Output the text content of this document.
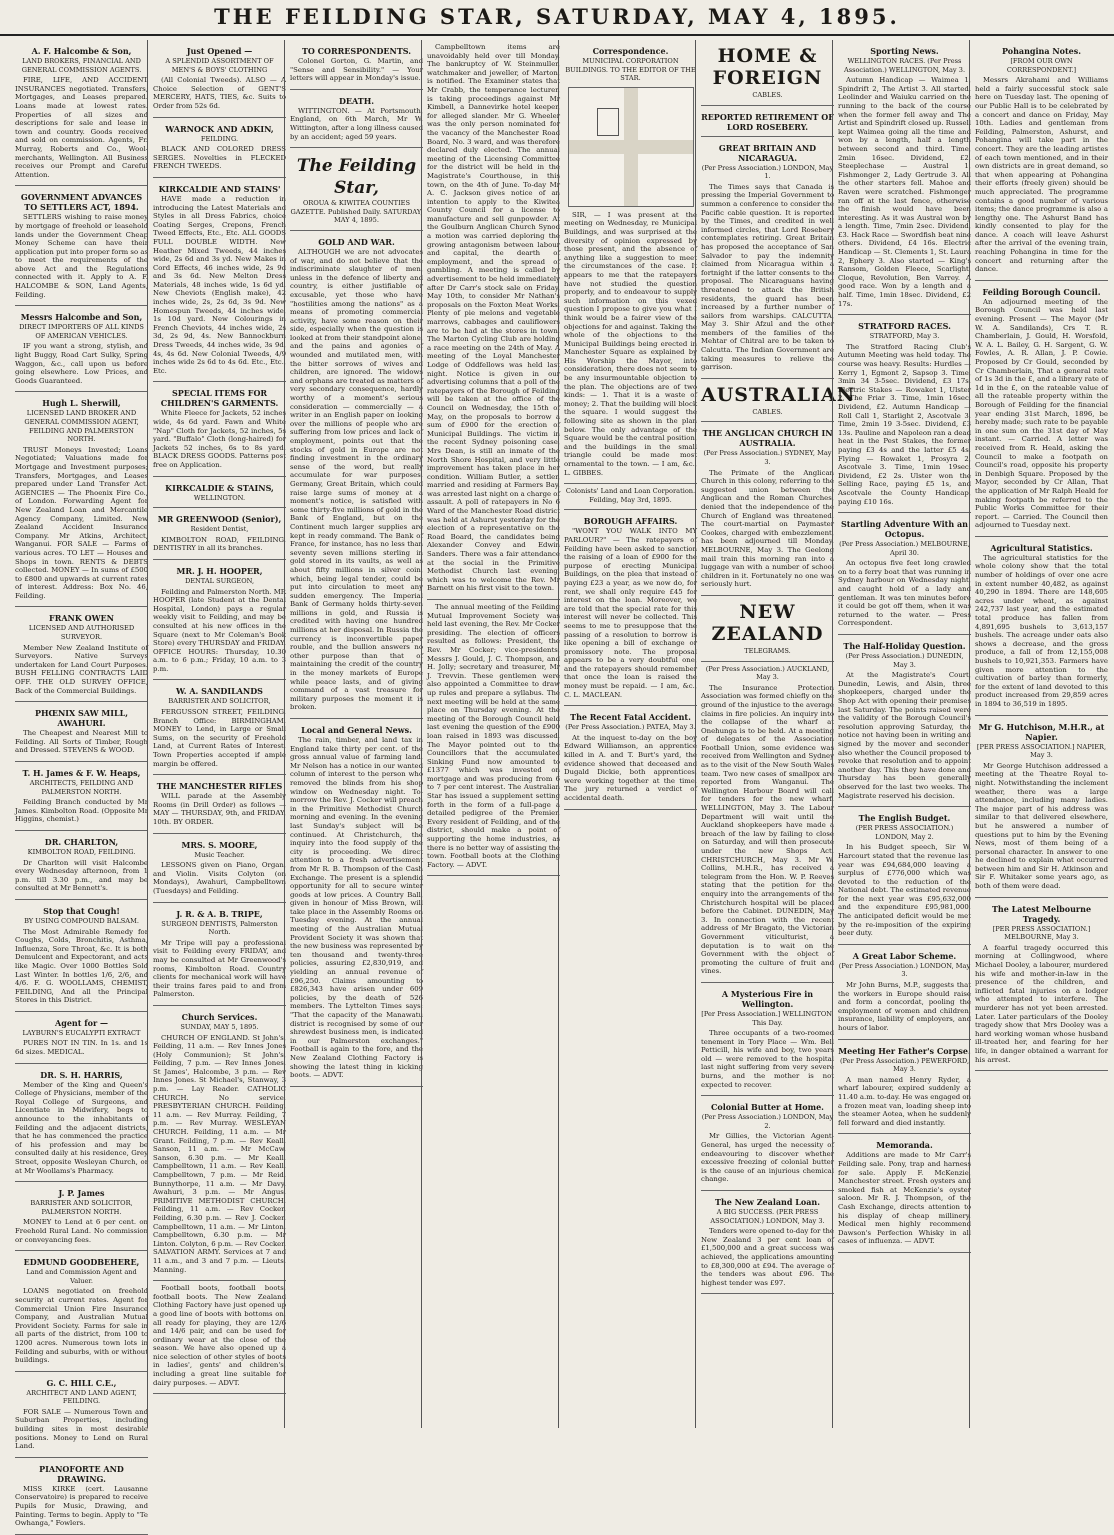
THE FEILDING STAR, SATURDAY, MAY 4, 1895.
A. F. Halcombe & Son,
LAND BROKERS, FINANCIAL AND GENERAL COMMISSION AGENTS.

FIRE, LIFE, AND ACCIDENT INSURANCES negotiated. Transfers, Mortgages, and Leases prepared. Loans made at lowest rates. Properties of all sizes and descriptions for sale and lease in town and country. Goods received and sold on commission. Agents, Fr. Murray, Roberts and Co., Wool-merchants, Wellington. All Business receives our Prompt and Careful Attention.

GOVERNMENT ADVANCES TO SETTLERS ACT, 1894.

SETTLERS wishing to raise money by mortgage of freehold or leasehold lands under the Government Cheap Money Scheme can have their application put into proper form so as to meet the requirements of the above Act and the Regulations connected with it. Apply to A. F. HALCOMBE & SON, Land Agents, Feilding.

Messrs Halcombe and Son,
DIRECT IMPORTERS OF ALL KINDS OF AMERICAN VEHICLES.

IF you want a strong, stylish, and light Buggy, Road Cart Sulky, Spring Waggon, &c., call upon us before going elsewhere. Low Prices, and Goods Guaranteed.

Hugh L. Sherwill,
LICENSED LAND BROKER AND GENERAL COMMISSION AGENT, FEILDING AND PALMERSTON NORTH.

TRUST Moneys Invested; Loans Negotiated; Valuations made for Mortgage and Investment purposes; Transfers, Mortgages, and Leases prepared under Land Transfer Act. AGENCIES — The Phoenix Fire Co., of London. Forwarding Agent for New Zealand Loan and Mercantile Agency Company, Limited. New Zealand Accident Insurance Company. Mr Atkins, Architect, Wanganui. FOR SALE — Farms of various acres. TO LET — Houses and Shops in town. RENTS & DEBTS collected. MONEY — In sums of £500 to £800 and upwards at current rates of interest. Address: Box No. 46, Feilding.

FRANK OWEN
LICENSED AND AUTHORISED SURVEYOR.

Member New Zealand Institute of Surveyors. Native Surveys undertaken for Land Court Purposes. BUSH FELLING CONTRACTS LAID OFF. THE OLD SURVEY OFFICE, Back of the Commercial Buildings.

PHŒNIX SAW MILL, AWAHURI.

The Cheapest and Nearest Mill to Feilding. All Sorts of Timber, Rough and Dressed. STEVENS & WOOD.

T. H. James & F. W. Heaps,
ARCHITECTS, FEILDING AND PALMERSTON NORTH.

Feilding Branch conducted by Mr James. Kimbolton Road. (Opposite Mr Higgins, chemist.)

DR. CHARLTON,
KIMBOLTON ROAD, FEILDING.

Dr Charlton will visit Halcombe every Wednesday afternoon, from 1 p.m. till 3.30 p.m., and may be consulted at Mr Bennett's.

Stop that Cough!
BY USING COMPOUND BALSAM.

The Most Admirable Remedy for Coughs, Colds, Bronchitis, Asthma, Influenza, Sore Throat, &c. It is both Demulcent and Expectorant, and acts like Magic. Over 1000 Bottles Sold Last Winter. In bottles 1/6, 2/6, and 4/6. F. G. WOOLLAMS, CHEMIST, FEILDING, And all the Principal Stores in this District.

Agent for —
LAYBURN'S EUCALYPTI EXTRACT

PURES NOT IN TIN. In 1s. and 1s 6d sizes. MEDICAL.

DR. S. H. HARRIS,

Member of the King and Queen's College of Physicians, member of the Royal College of Surgeons, and Licentiate in Midwifery, begs to announce to the inhabitants of Feilding and the adjacent districts, that he has commenced the practice of his profession and may be consulted daily at his residence, Grey Street, opposite Wesleyan Church, or at Mr Woollams's Pharmacy.

J. P. James
BARRISTER AND SOLICITOR, PALMERSTON NORTH.

MONEY to Lend at 6 per cent. on Freehold Rural Land. No commission or conveyancing fees.

EDMUND GOODBEHERE,
Land and Commission Agent and Valuer.

LOANS negotiated on freehold security at current rates. Agent for Commercial Union Fire Insurance Company, and Australian Mutual Provident Society. Farms for sale in all parts of the district, from 100 to 1200 acres. Numerous town lots in Feilding and suburbs, with or without buildings.

G. C. HILL C.E.,
ARCHITECT AND LAND AGENT, FEILDING.

FOR SALE — Numerous Town and Suburban Properties, including building sites in most desirable positions. Money to Lend on Rural Land.

PIANOFORTE AND DRAWING.

MISS KIRKE (cert. Lausanne Conservatoire) is prepared to receive Pupils for Music, Drawing, and Painting. Terms to begin. Apply to "Te Owhanga," Fowlers.

Just Opened —
A SPLENDID ASSORTMENT OF MEN'S & BOYS' CLOTHING

(All Colonial Tweeds). ALSO — A Choice Selection of GENT'S MERCERY, HATS, TIES, &c. Suits to Order from 52s 6d.

WARNOCK AND ADKIN,
FEILDING.

BLACK AND COLORED DRESS SERGES. Novelties in FLECKED FRENCH TWEEDS.

KIRKCALDIE AND STAINS'

HAVE made a reduction in introducing the Latest Materials and Styles in all Dress Fabrics, choice Coating Serges, Crepons, French Tweed Effects, Etc., Etc. ALL GOODS FULL DOUBLE WIDTH. New Heather Mixed Tweeds, 44 inches wide, 2s 6d and 3s yd. New Makes in Cord Effects, 46 inches wide, 2s 9d and 3s 6d. New Melton Dress Materials, 48 inches wide, 1s 6d yd. New Cheviots (English make), 42 inches wide, 2s, 2s 6d, 3s 9d. New Homespun Tweeds, 44 inches wide, 1s 10d yard. New Colourings in French Cheviots, 44 inches wide, 2s 3d, 2s 9d, 4s. New Bannockburn Dress Tweeds, 44 inches wide, 3s 9d, 4s, 4s 6d. New Colonial Tweeds, 4/9 inches wide 2s 6d to 4s 6d. Etc., Etc., Etc.

SPECIAL ITEMS FOR CHILDREN'S GARMENTS.

White Fleece for Jackets, 52 inches wide, 4s 6d yard. Fawn and White "Nap" Cloth for Jackets, 52 inches, 5s yard. "Buffalo" Cloth (long-haired) for Jackets 52 inches, 6s to 8s yard. BLACK DRESS GOODS. Patterns post free on Application.

KIRKCALDIE & STAINS,
WELLINGTON.
MR GREENWOOD (Senior),
Resident Dentist,

KIMBOLTON ROAD, FEILDING. DENTISTRY in all its branches.

MR. J. H. HOOPER,
DENTAL SURGEON,

Feilding and Palmerston North. MR HOOPER (late Student at the Dental Hospital, London) pays a regular weekly visit to Feilding, and may be consulted at his new offices in the Square (next to Mr Coleman's Book Store) every THURSDAY and FRIDAY. OFFICE HOURS: Thursday, 10.30 a.m. to 6 p.m.; Friday, 10 a.m. to 3 p.m.

W. A. SANDILANDS
BARRISTER AND SOLICITOR,

FERGUSSON STREET, FEILDING. Branch Office: BIRMINGHAM. MONEY to Lend, in Large or Small Sums, on the security of Freehold Land, at Current Rates of Interest. Town Properties accepted if ample margin be offered.

THE MANCHESTER RIFLES

WILL parade at the Assembly Rooms (in Drill Order) as follows — MAY — THURSDAY, 9th, and FRIDAY, 10th. BY ORDER.

MRS. S. MOORE,
Music Teacher.

LESSONS given on Piano, Organ, and Violin. Visits Colyton (on Mondays), Awahuri, Campbelltown (Tuesdays) and Feilding.

J. R. & A. B. TRIPE,
SURGEON DENTISTS, Palmerston North.

Mr Tripe will pay a professional visit to Feilding every FRIDAY, and may be consulted at Mr Greenwood's rooms, Kimbolton Road. Country clients for mechanical work will have their trains fares paid to and from Palmerston.

Church Services.
SUNDAY, MAY 5, 1895.

CHURCH OF ENGLAND. St John's, Feilding, 11 a.m. — Rev Innes Jones (Holy Communion); St John's, Feilding, 7 p.m. — Rev Innes Jones. St James', Halcombe, 3 p.m. — Rev Innes Jones. St Michael's, Stanway, 3 p.m. — Lay Reader. CATHOLIC CHURCH. No service. PRESBYTERIAN CHURCH. Feilding, 11 a.m. — Rev Murray. Feilding, 7 p.m. — Rev Murray. WESLEYAN CHURCH. Feilding, 11 a.m. — Mr Grant. Feilding, 7 p.m. — Rev Keall. Sanson, 11 a.m. — Mr McCaw. Sanson, 6.30 p.m. — Mr Keall. Campbelltown, 11 a.m. — Rev Keall. Campbelltown, 7 p.m. — Mr Reid. Bunnythorpe, 11 a.m. — Mr Davy. Awahuri, 3 p.m. — Mr Angus. PRIMITIVE METHODIST CHURCH. Feilding, 11 a.m. — Rev Cocker. Feilding, 6.30 p.m. — Rev J. Cocker. Campbelltown, 11 a.m. — Mr Linton. Campbelltown, 6.30 p.m. — Mr Linton. Colyton, 6 p.m. — Rev Cocker. SALVATION ARMY. Services at 7 and 11 a.m., and 3 and 7 p.m. — Lieuts. Manning.

Football boots, football boots, football boots. The New Zealand Clothing Factory have just opened up a good line of boots with bottoms on, all ready for playing, they are 12/6 and 14/6 pair, and can be used for ordinary wear at the close of the season. We have also opened up a nice selection of other styles of boots in ladies', gents' and children's, including a great line suitable for dairy purposes. — ADVT.

TO CORRESPONDENTS.

Colonel Gorton, G. Martin, and "Sense and Sensibility." — Your letters will appear in Monday's issue.

DEATH.

WITTINGTON. — At Portsmouth, England, on 6th March, Mr W. Wittington, after a long illness caused by an accident; aged 59 years.

The Feilding Star,
OROUA & KIWITEA COUNTIES GAZETTE. Published Daily. SATURDAY, MAY 4, 1895.
GOLD AND WAR.

ALTHOUGH we are not advocates of war, and do not believe that the indiscriminate slaughter of men, unless in the defence of liberty and country, is either justifiable or excusable, yet those who have "hostilities among the nations" as a means of promoting commercial activity, have some reason on their side, especially when the question is looked at from their standpoint alone, and the pains and agonies of wounded and mutilated men, with the bitter sorrows of wives and children, are ignored. The widows and orphans are treated as matters of very secondary consequence, hardly worthy of a moment's serious consideration — commercially — a writer in an English paper on looking over the millions of people who are suffering from low prices and lack of employment, points out that the stocks of gold in Europe are not finding investment in the ordinary sense of the word, but really accumulate for war purposes. Germany, Great Britain, which could raise large sums of money at a moment's notice, is satisfied with some thirty-five millions of gold in the Bank of England, but on the Continent much larger supplies are kept in ready command. The Bank of France, for instance, has no less than seventy seven millions sterling in gold stored in its vaults, as well as about fifty millions in silver coin, which, being legal tender, could be put into circulation to meet any sudden emergency. The Imperial Bank of Germany holds thirty-seven millions in gold, and Russia is credited with having one hundred millions at her disposal. In Russia the currency is inconvertible paper rouble, and the bullion answers no other purpose than that of maintaining the credit of the country in the money markets of Europe while peace lasts, and of giving command of a vast treasure for military purposes the moment it is broken.

Local and General News.

The rain, timber, and land tax in England take thirty per cent. of the gross annual value of farming land. Mr Nelson has a notice in our wanted column of interest to the person who removed the blinds from his shop window on Wednesday night. To-morrow the Rev. J. Cocker will preach in the Primitive Methodist Church morning and evening. In the evening last Sunday's subject will be continued. At Christchurch, the inquiry into the food supply of the city is proceeding. We direct attention to a fresh advertisement from Mr R. B. Thompson of the Cash Exchange. The present is a splendid opportunity for all to secure winter goods at low prices. A Country Ball, given in honour of Miss Brown, will take place in the Assembly Rooms on Tuesday evening. At the annual meeting of the Australian Mutual Provident Society it was shown that the new business was represented by ten thousand and twenty-three policies, assuring £2,830,919, and yielding an annual revenue of £96,250. Claims amounting to £826,343 have arisen under 609 policies, by the death of 526 members. The Lyttelton Times says: "That the capacity of the Manawatu district is recognised by some of our shrewdest business men, is indicated in our Palmerston exchanges." Football is again to the fore, and the New Zealand Clothing Factory is showing the latest thing in kicking boots. — ADVT.

Campbelltown items are unavoidably held over till Monday. The bankruptcy of W. Steinmuller, watchmaker and jeweller, of Marton, is notified. The Examiner states that Mr Crabb, the temperance lecturer, is taking proceedings against Mr Kimbell, a Dannevirke hotel keeper, for alleged slander. Mr G. Wheeler was the only person nominated for the vacancy of the Manchester Road Board, No. 3 ward, and was therefore declared duly elected. The annual meeting of the Licensing Committee for the district will be held in the Magistrate's Courthouse, in this town, on the 4th of June. To-day Mr A. C. Jackson gives notice of an intention to apply to the Kiwitea County Council for a license to manufacture and sell gunpowder. At the Goulburn Anglican Church Synod a motion was carried deploring the growing antagonism between labour and capital, the dearth of employment, and the spread of gambling. A meeting is called by advertisement to be held immediately after Dr Carr's stock sale on Friday, May 10th, to consider Mr Nathan's proposals on the Foxton Meat Works. Plenty of pie melons and vegetable marrows, cabbages and cauliflowers are to be had at the stores in town. The Marton Cycling Club are holding a race meeting on the 24th of May. A meeting of the Loyal Manchester Lodge of Oddfellows was held last night. Notice is given in our advertising columns that a poll of the ratepayers of the Borough of Feilding will be taken at the office of the Council on Wednesday, the 15th of May, on the proposals to borrow a sum of £900 for the erection of Municipal Buildings. The victim in the recent Sydney poisoning case, Mrs Dean, is still an inmate of the North Shore Hospital, and very little improvement has taken place in her condition. William Butler, a settler, married and residing at Farmers Bay, was arrested last night on a charge of assault. A poll of ratepayers in No 6 Ward of the Manchester Road district was held at Ashurst yesterday for the election of a representative on the Road Board, the candidates being Alexander Convey and Edwin Sanders. There was a fair attendance at the social in the Primitive Methodist Church last evening, which was to welcome the Rev. Mr Barnett on his first visit to the town.

The annual meeting of the Feilding Mutual Improvement Society was held last evening, the Rev. Mr Cocker presiding. The election of officers resulted as follows: President, the Rev. Mr Cocker; vice-presidents, Messrs J. Gould, J. C. Thompson, and H. Jolly; secretary and treasurer, Mr J. Trevvin. These gentlemen were also appointed a Committee to draw up rules and prepare a syllabus. The next meeting will be held at the same place on Thursday evening. At the meeting of the Borough Council held last evening the question of the £900 loan raised in 1893 was discussed. The Mayor pointed out to the Councillors that the accumulated Sinking Fund now amounted to £1377 which was invested on mortgage and was producing from 6 to 7 per cent interest. The Australian Star has issued a supplement setting forth in the form of a full-page a detailed pedigree of the Premier. Every resident of Feilding, and of the district, should make a point of supporting the home industries, as there is no better way of assisting the town. Football boots at the Clothing Factory. — ADVT.

Correspondence.
MUNICIPAL CORPORATION BUILDINGS. TO THE EDITOR OF THE STAR.

SIR, — I was present at the meeting on Wednesday, re Municipal Buildings, and was surprised at the diversity of opinion expressed by those present, and the absence of anything like a suggestion to meet the circumstances of the case. It appears to me that the ratepayers have not studied the question properly, and to endeavour to supply such information on this vexed question I propose to give you what I think would be a fairer view of the objections for and against. Taking the whole of the objections to the Municipal Buildings being erected in Manchester Square as explained by His Worship the Mayor, into consideration, there does not seem to be any insurmountable objection to the plan. The objections are of two kinds: — 1. That it is a waste of money; 2. That the building will block the square. I would suggest the following site as shown in the plan below. The only advantage of the Square would be the central position, and the buildings in the small triangle could be made most ornamental to the town. — I am, &c., L. GIBBES.

Colonists' Land and Loan Corporation. Feilding, May 3rd, 1895.
BOROUGH AFFAIRS.

"WONT YOU WALK INTO MY PARLOUR?" — The ratepayers of Feilding have been asked to sanction the raising of a loan of £900 for the purpose of erecting Municipal Buildings, on the plea that instead of paying £23 a year, as we now do, for rent, we shall only require £45 for interest on the loan. Moreover, we are told that the special rate for this interest will never be collected. This seems to me to presuppose that the passing of a resolution to borrow is like opening a bill of exchange or promissory note. The proposal appears to be a very doubtful one, and the ratepayers should remember that once the loan is raised the money must be repaid. — I am, &c., C. L. MACLEAN.

The Recent Fatal Accident.
(Per Press Association.) PATEA, May 3.

At the inquest to-day on the boy Edward Williamson, an apprentice killed in A. and T. Burt's yard, the evidence showed that deceased and Dugald Dickie, both apprentices, were working together at the time. The jury returned a verdict of accidental death.

HOME & FOREIGN
CABLES.
REPORTED RETIREMENT OF LORD ROSEBERY.
GREAT BRITAIN AND NICARAGUA.
(Per Press Association.) LONDON, May 1.

The Times says that Canada is pressing the Imperial Government to summon a conference to consider the Pacific cable question. It is reported by the Times, and credited in well informed circles, that Lord Rosebery contemplates retiring. Great Britain has proposed the acceptance of San Salvador to pay the indemnity claimed from Nicaragua within a fortnight if the latter consents to the proposal. The Nicaraguans having threatened to attack the British residents, the guard has been increased by a further number of sailors from warships. CALCUTTA, May 3. Shir Afzul and the other members of the families of the Mehtar of Chitral are to be taken to Calcutta. The Indian Government are taking measures to relieve the garrison.

AUSTRALIAN
CABLES.
THE ANGLICAN CHURCH IN AUSTRALIA.
(Per Press Association.) SYDNEY, May 3.

The Primate of the Anglican Church in this colony, referring to the suggested union between the Anglican and the Roman Churches, denied that the independence of the Church of England was threatened. The court-martial on Paymaster Cookes, charged with embezzlement, has been adjourned till Monday. MELBOURNE, May 3. The Geelong mail train this morning ran into a luggage van with a number of school children in it. Fortunately no one was seriously hurt.

NEW ZEALAND
TELEGRAMS.
(Per Press Association.) AUCKLAND, May 3.

The Insurance Protection Association was formed chiefly on the ground of the injustice to the average claims in fire policies. An inquiry into the collapse of the wharf at Onehunga is to be held. At a meeting of delegates of the Association Football Union, some evidence was received from Wellington and Sydney as to the visit of the New South Wales team. Two new cases of smallpox are reported from Wanganui. The Wellington Harbour Board will call for tenders for the new wharf. WELLINGTON, May 3. The Labour Department will wait until the Auckland shopkeepers have made a breach of the law by failing to close on Saturday, and will then prosecute under the new Shops Act. CHRISTCHURCH, May 3. Mr W. Collins, M.H.R., has received a telegram from the Hon. W. P. Reeves stating that the petition for the enquiry into the arrangements of the Christchurch hospital will be placed before the Cabinet. DUNEDIN, May 3. In connection with the recent address of Mr Bragato, the Victorian Government viticulturist, a deputation is to wait on the Government with the object of promoting the culture of fruit and vines.

A Mysterious Fire in Wellington.
[Per Press Association.] WELLINGTON, This Day.

Three occupants of a two-roomed tenement in Tory Place — Wm. Bell Petticill, his wife and boy, two years old — were removed to the hospital last night suffering from very severe burns, and the mother is not expected to recover.

Colonial Butter at Home.
(Per Press Association.) LONDON, May 2.

Mr Gillies, the Victorian Agent-General, has urged the necessity of endeavouring to discover whether excessive freezing of colonial butter is the cause of an injurious chemical change.

The New Zealand Loan.
A BIG SUCCESS. (PER PRESS ASSOCIATION.) LONDON, May 3.

Tenders were opened to-day for the New Zealand 3 per cent loan of £1,500,000 and a great success was achieved, the applications amounting to £8,300,000 at £94. The average of the tenders was about £96. The highest tender was £97.

Sporting News.
WELLINGTON RACES. (Per Press Association.) WELLINGTON, May 3.

Autumn Handicap — Waimea 1, Spindrift 2, The Artist 3. All started. Leolinder and Waiuku carried on the running to the back of the course when the former fell away and The Artist and Spindrift closed up. Russell kept Waimea going all the time and won by a length, half a length between second and third. Time, 2min 16sec. Dividend, £2. Steeplechase — Austral 1, Fishmonger 2, Lady Gertrude 3. All the other starters fell. Mahoe and Raven were scratched. Fishmonger ran off at the last fence, otherwise the finish would have been interesting. As it was Austral won by a length. Time, 7min 2sec. Dividend, £3. Hack Race — Swordfish beat nine others. Dividend, £4 16s. Electric Handicap — St. Clements 1, St. Laura 2, Ephery 3. Also started — King's Ransom, Golden Fleece, Scarlight, Cloque, Revolution, Ben Varrey. A good race. Won by a length and a half. Time, 1min 18sec. Dividend, £2 17s.

STRATFORD RACES.
STRATFORD, May 3.

The Stratford Racing Club's Autumn Meeting was held today. The course was heavy. Results: Hurdles — Kerry 1, Egmont 2, Sapsop 3. Time, 3min 34 3-5sec. Dividend, £3 17s. Electric Stakes — Rowaket 1, Ulster 2, The Friar 3. Time, 1min 16sec. Dividend, £2. Autumn Handicap — Roll Call 1, Starlight 2, Ascotvale 3. Time, 2min 19 3-5sec. Dividend, £3 13s. Pauline and Napoleon ran a dead heat in the Pest Stakes, the former paying £3 4s and the latter £5 4s. Flying — Rowaket 1, Prosyra 2, Ascotvale 3. Time, 1min 19sec. Dividend, £2 2s. Ulster won the Selling Race, paying £5 1s, and Ascotvale the County Handicap, paying £10 16s.

Startling Adventure With an Octopus.
(Per Press Association.) MELBOURNE, April 30.

An octopus five feet long crawled on to a ferry boat that was running in Sydney harbour on Wednesday night, and caught hold of a lady and gentleman. It was ten minutes before it could be got off them, when it was returned to the water. — Press Correspondent.

The Half-Holiday Question.
(Per Press Association.) DUNEDIN, May 3.

At the Magistrate's Court, Dunedin, Lewis, and Alsin, three shopkeepers, charged under the Shop Act with opening their premises last Saturday. The points raised were the validity of the Borough Council's resolution approving Saturday, the notice not having been in writing and signed by the mover and seconder; also whether the Council proposed to revoke that resolution and to appoint another day. This they have done and Thursday has been generally observed for the last two weeks. The Magistrate reserved his decision.

The English Budget.
(PER PRESS ASSOCIATION.) LONDON, May 2.

In his Budget speech, Sir W. Harcourt stated that the revenue last year was £94,684,000 leaving a surplus of £776,000 which was devoted to the reduction of the National debt. The estimated revenue for the next year was £95,632,000 and the expenditure £95,981,000. The anticipated deficit would be met by the re-imposition of the expiring beer duty.

A Great Labor Scheme.
(Per Press Association.) LONDON, May 3.

Mr John Burns, M.P., suggests that the workers in Europe should raise and form a concordat, pooling the employment of women and children, insurance, liability of employers, and hours of labor.

Meeting Her Father's Corpse.
(Per Press Association.) PEWERFORD, May 3.

A man named Henry Ryder, a wharf labourer, expired suddenly at 11.40 a.m. to-day. He was engaged on a frozen meat van, loading sheep into the steamer Aotea, when he suddenly fell forward and died instantly.

Memoranda.

Additions are made to Mr Carr's Feilding sale. Pony, trap and harness for sale. Apply F. McKenzie, Manchester street. Fresh oysters and smoked fish at McKenzie's oyster saloon. Mr R. J. Thompson, of the Cash Exchange, directs attention to his display of cheap millinery. Medical men highly recommend Dawson's Perfection Whisky in all cases of influenza. — ADVT.

Pohangina Notes.
[FROM OUR OWN CORRESPONDENT.]

Messrs Akrahami and Williams held a fairly successful stock sale here on Tuesday last. The opening of our Public Hall is to be celebrated by a concert and dance on Friday, May 10th. Ladies and gentleman from Feilding, Palmerston, Ashurst, and Pohangina will take part in the concert. They are the leading artistes of each town mentioned, and in their own districts are in great demand, so that when appearing at Pohangina their efforts (freely given) should be much appreciated. The programme contains a good number of various items; the dance programme is also a lengthy one. The Ashurst Band has kindly consented to play for the dance. A coach will leave Ashurst after the arrival of the evening train, reaching Pohangina in time for the concert and returning after the dance.

Feilding Borough Council.

An adjourned meeting of the Borough Council was held last evening. Present — The Mayor (Mr W. A. Sandilands), Crs T. R. Chamberlain, J. Gould, H. Worsfold, W. A. L. Bailey, G. H. Sargent, G. W. Fowles, A. R. Allan, J. P. Cowie. Proposed by Cr Gould, seconded by Cr Chamberlain, That a general rate of 1s 3d in the £, and a library rate of 1d in the £, on the rateable value of all the rateable property within the Borough of Feilding for the financial year ending 31st March, 1896, be hereby made; such rate to be payable in one sum on the 31st day of May instant. — Carried. A letter was received from R. Heald, asking the Council to make a footpath on Council's road, opposite his property in Denbigh Square. Proposed by the Mayor, seconded by Cr Allan, That the application of Mr Ralph Heald for making footpath be referred to the Public Works Committee for their report. — Carried. The Council then adjourned to Tuesday next.

Agricultural Statistics.

The agricultural statistics for the whole colony show that the total number of holdings of over one acre in extent number 40,482, as against 40,290 in 1894. There are 148,605 acres under wheat, as against 242,737 last year, and the estimated total produce has fallen from 4,891,695 bushels to 3,613,157 bushels. The acreage under oats also shows a decrease, and the gross produce, a fall of from 12,155,008 bushels to 10,921,353. Farmers have given more attention to the cultivation of barley than formerly, for the extent of land devoted to this product increased from 29,859 acres in 1894 to 36,519 in 1895.

Mr G. Hutchison, M.H.R., at Napier.
[PER PRESS ASSOCIATION.] NAPIER, May 3.

Mr George Hutchison addressed a meeting at the Theatre Royal to-night. Notwithstanding the inclement weather, there was a large attendance, including many ladies. The major part of his address was similar to that delivered elsewhere, but he answered a number of questions put to him by the Evening News, most of them being of a personal character. In answer to one he declined to explain what occurred between him and Sir H. Atkinson and Sir F. Whitaker some years ago, as both of them were dead.

The Latest Melbourne Tragedy.
[PER PRESS ASSOCIATION.] MELBOURNE, May 3.

A fearful tragedy occurred this morning at Collingwood, where Michael Dooley, a labourer, murdered his wife and mother-in-law in the presence of the children, and inflicted fatal injuries on a lodger who attempted to interfere. The murderer has not yet been arrested. Later. Later particulars of the Dooley tragedy show that Mrs Dooley was a hard working woman whose husband ill-treated her, and fearing for her life, in danger obtained a warrant for his arrest.
